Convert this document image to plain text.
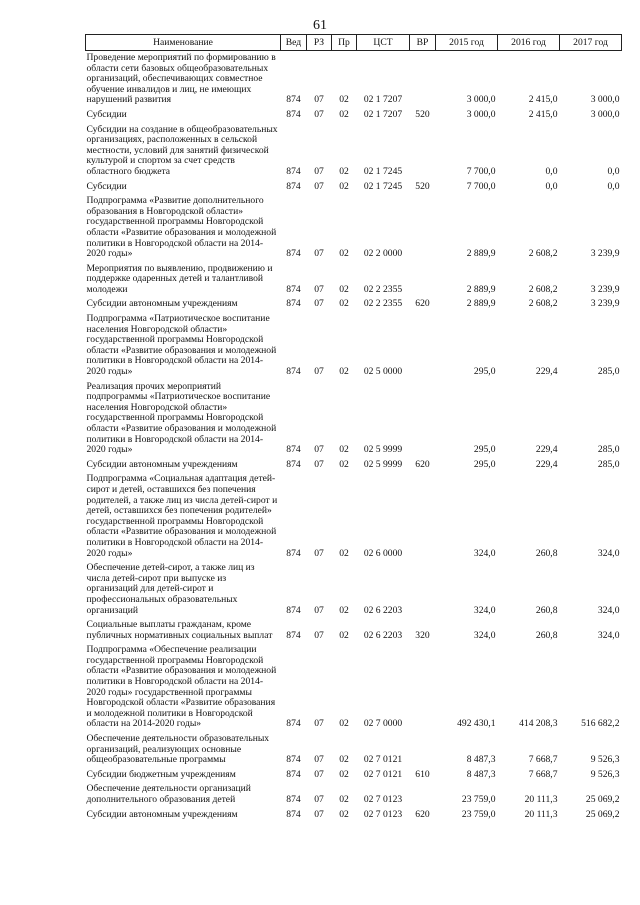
61
Наименование	Вед	РЗ	Пр	ЦСТ	ВР	2015 год	2016 год	2017 год
Проведение мероприятий по формированию в области сети базовых общеобразовательных организаций, обеспечивающих совместное обучение инвалидов и лиц, не имеющих нарушений развития	874	07	02	02 1 7207		3 000,0	2 415,0	3 000,0
Субсидии	874	07	02	02 1 7207	520	3 000,0	2 415,0	3 000,0
Субсидии на создание в общеобразовательных организациях, расположенных в сельской местности, условий для занятий физической культурой и спортом за счет средств областного бюджета	874	07	02	02 1 7245		7 700,0	0,0	0,0
Субсидии	874	07	02	02 1 7245	520	7 700,0	0,0	0,0
Подпрограмма «Развитие дополнительного образования в Новгородской области» государственной программы Новгородской области «Развитие образования и молодежной политики в Новгородской области на 2014-2020 годы»	874	07	02	02 2 0000		2 889,9	2 608,2	3 239,9
Мероприятия по выявлению, продвижению и поддержке одаренных детей и талантливой молодежи	874	07	02	02 2 2355		2 889,9	2 608,2	3 239,9
Субсидии автономным учреждениям	874	07	02	02 2 2355	620	2 889,9	2 608,2	3 239,9
Подпрограмма «Патриотическое воспитание населения Новгородской области» государственной программы Новгородской области «Развитие образования и молодежной политики в Новгородской области на 2014-2020 годы»	874	07	02	02 5 0000		295,0	229,4	285,0
Реализация прочих мероприятий подпрограммы «Патриотическое воспитание населения Новгородской области» государственной программы Новгородской области «Развитие образования и молодежной политики в Новгородской области на 2014-2020 годы»	874	07	02	02 5 9999		295,0	229,4	285,0
Субсидии автономным учреждениям	874	07	02	02 5 9999	620	295,0	229,4	285,0
Подпрограмма «Социальная адаптация детей-сирот и детей, оставшихся без попечения родителей, а также лиц из числа детей-сирот и детей, оставшихся без попечения родителей» государственной программы Новгородской области «Развитие образования и молодежной политики в Новгородской области на 2014-2020 годы»	874	07	02	02 6 0000		324,0	260,8	324,0
Обеспечение детей-сирот, а также лиц из числа детей-сирот при выпуске из организаций для детей-сирот и профессиональных образовательных организаций	874	07	02	02 6 2203		324,0	260,8	324,0
Социальные выплаты гражданам, кроме публичных нормативных социальных выплат	874	07	02	02 6 2203	320	324,0	260,8	324,0
Подпрограмма «Обеспечение реализации государственной программы Новгородской области «Развитие образования и молодежной политики в Новгородской области на 2014-2020 годы» государственной программы Новгородской области «Развитие образования и молодежной политики в Новгородской области на 2014-2020 годы»	874	07	02	02 7 0000		492 430,1	414 208,3	516 682,2
Обеспечение деятельности образовательных организаций, реализующих основные общеобразовательные программы	874	07	02	02 7 0121		8 487,3	7 668,7	9 526,3
Субсидии бюджетным учреждениям	874	07	02	02 7 0121	610	8 487,3	7 668,7	9 526,3
Обеспечение деятельности организаций дополнительного образования детей	874	07	02	02 7 0123		23 759,0	20 111,3	25 069,2
Субсидии автономным учреждениям	874	07	02	02 7 0123	620	23 759,0	20 111,3	25 069,2
